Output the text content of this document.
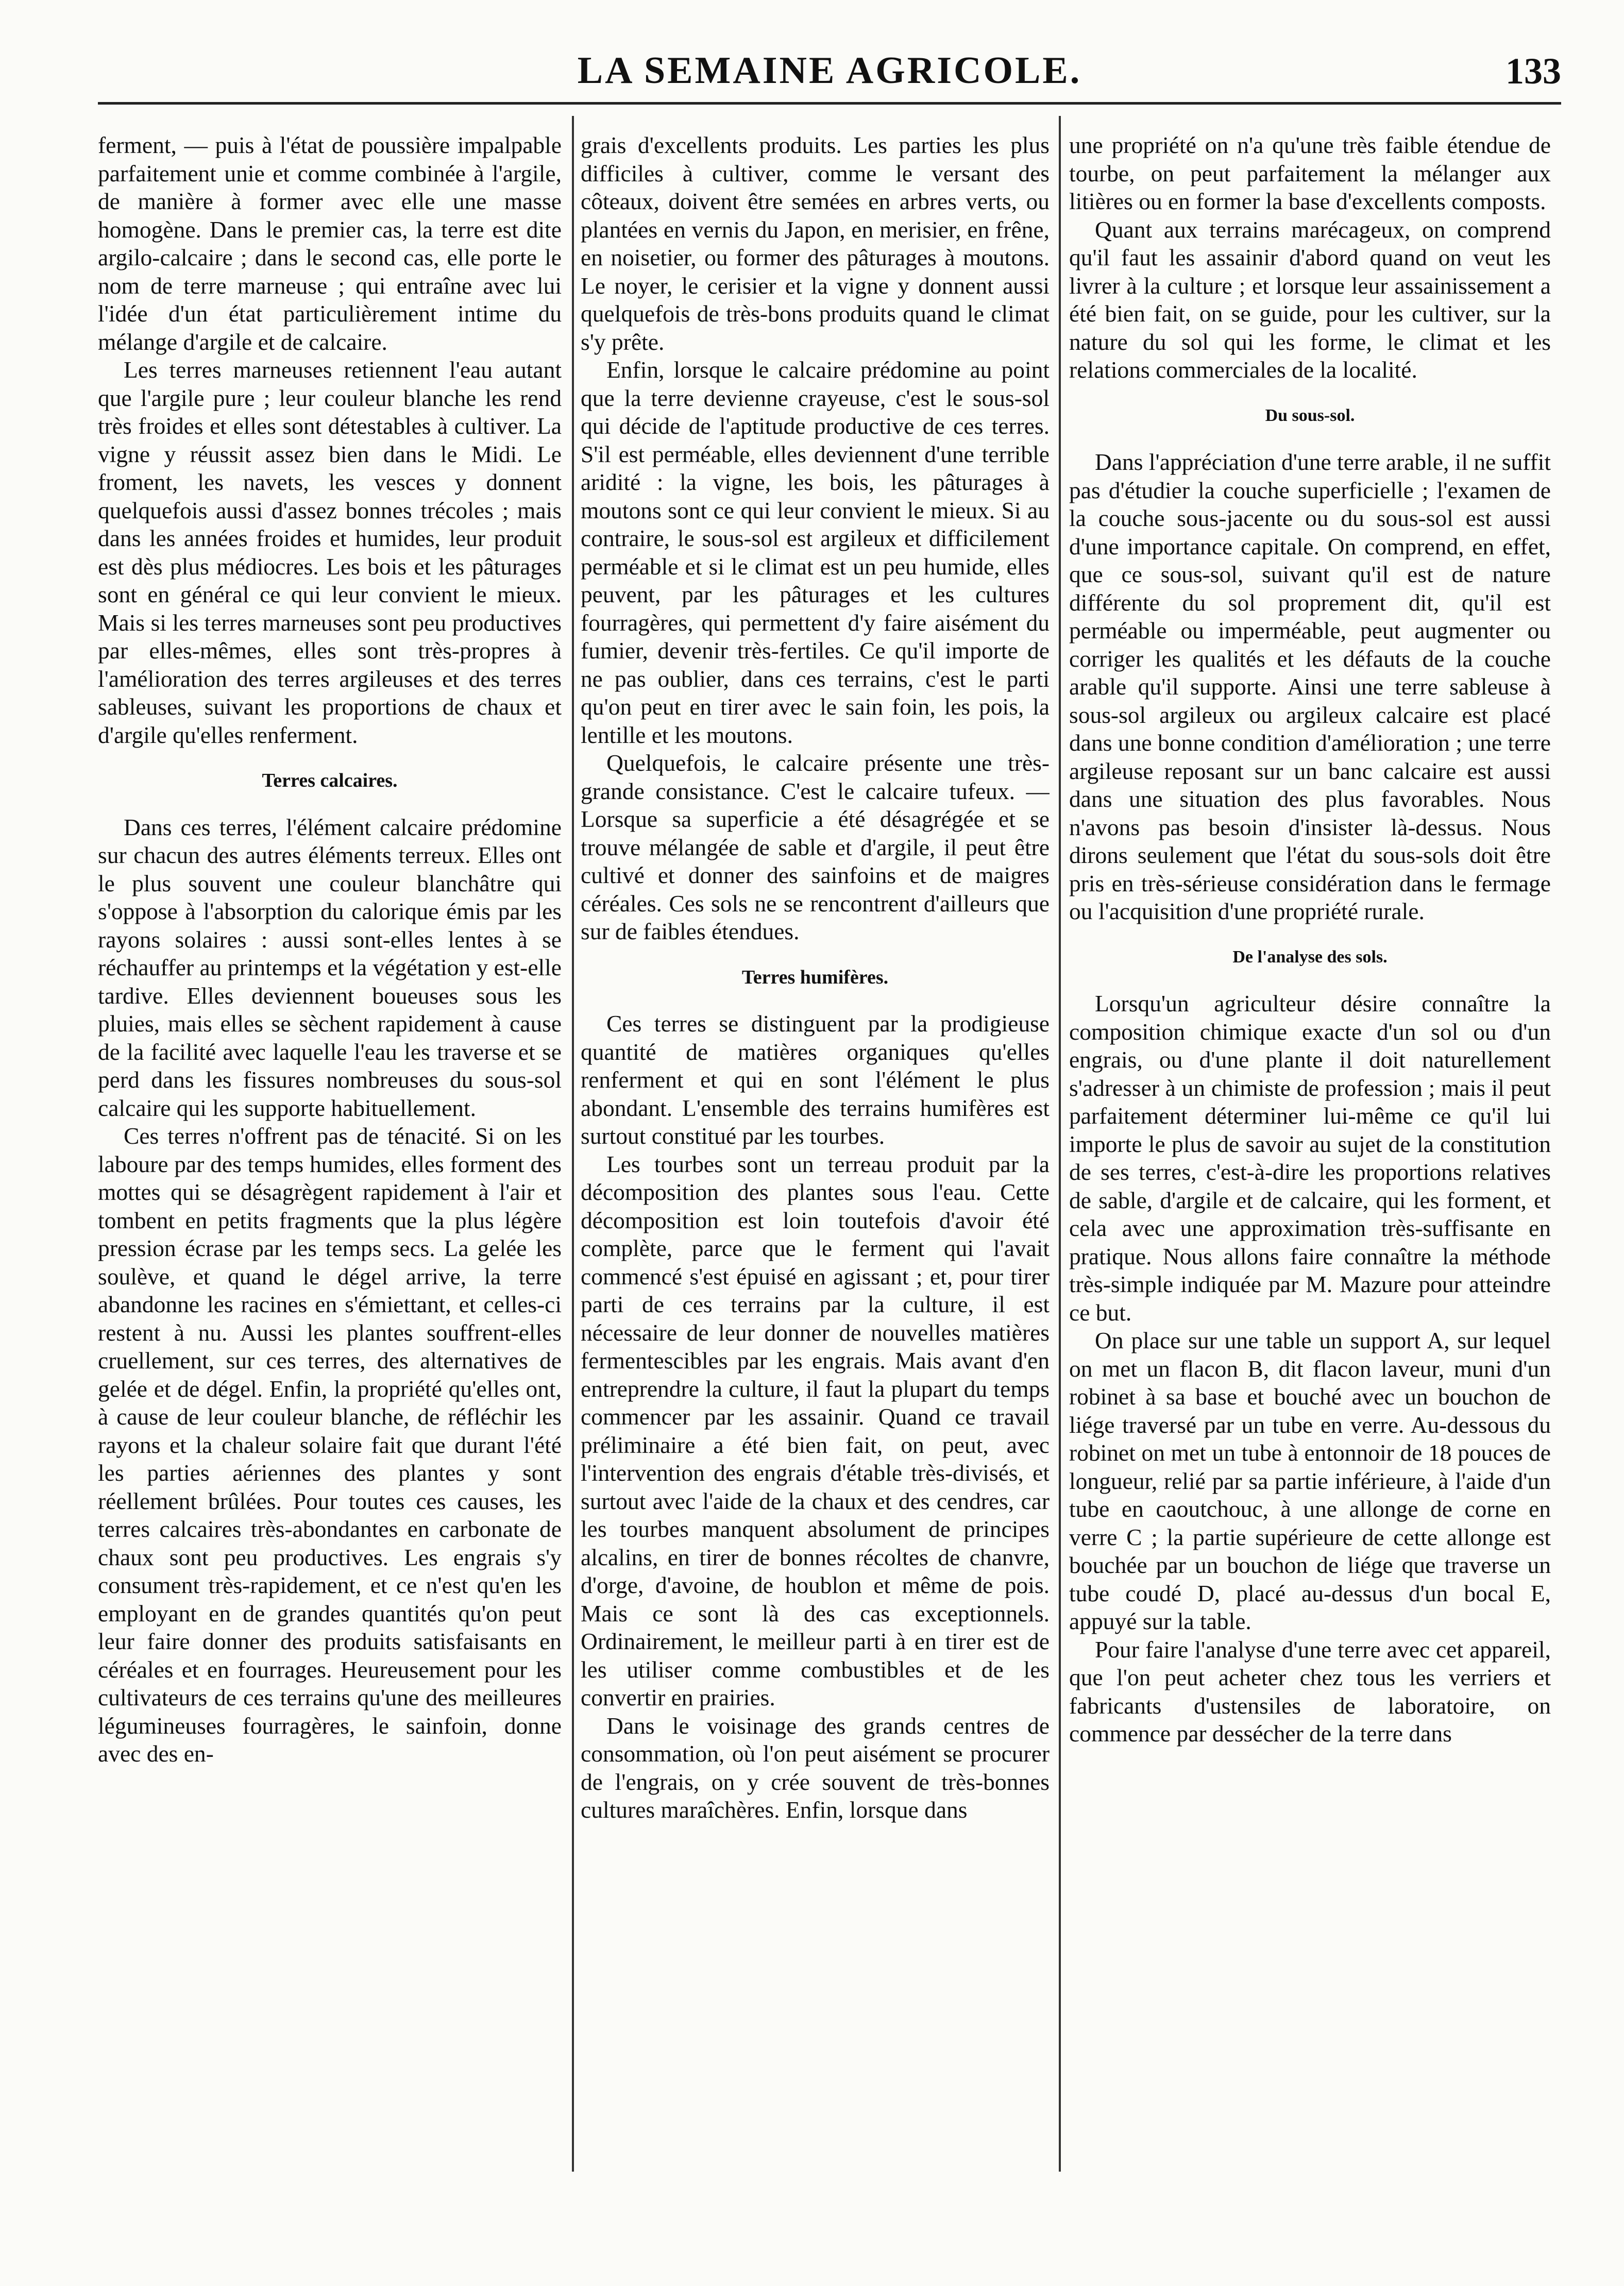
LA SEMAINE AGRICOLE.	133

ferment, — puis à l'état de poussière impalpable parfaitement unie et comme combinée à l'argile, de manière à former avec elle une masse homogène. Dans le premier cas, la terre est dite argilo-calcaire ; dans le second cas, elle porte le nom de terre marneuse ; qui entraîne avec lui l'idée d'un état particulièrement intime du mélange d'argile et de calcaire.

Les terres marneuses retiennent l'eau autant que l'argile pure ; leur couleur blanche les rend très froides et elles sont détestables à cultiver. La vigne y réussit assez bien dans le Midi. Le froment, les navets, les vesces y donnent quelquefois aussi d'assez bonnes trécoles ; mais dans les années froides et humides, leur produit est dès plus médiocres. Les bois et les pâturages sont en général ce qui leur convient le mieux. Mais si les terres marneuses sont peu productives par elles-mêmes, elles sont très-propres à l'amélioration des terres argileuses et des terres sableuses, suivant les proportions de chaux et d'argile qu'elles renferment.

Terres calcaires.

Dans ces terres, l'élément calcaire prédomine sur chacun des autres éléments terreux. Elles ont le plus souvent une couleur blanchâtre qui s'oppose à l'absorption du calorique émis par les rayons solaires : aussi sont-elles lentes à se réchauffer au printemps et la végétation y est-elle tardive. Elles deviennent boueuses sous les pluies, mais elles se sèchent rapidement à cause de la facilité avec laquelle l'eau les traverse et se perd dans les fissures nombreuses du sous-sol calcaire qui les supporte habituellement.

Ces terres n'offrent pas de ténacité. Si on les laboure par des temps humides, elles forment des mottes qui se désagrègent rapidement à l'air et tombent en petits fragments que la plus légère pression écrase par les temps secs. La gelée les soulève, et quand le dégel arrive, la terre abandonne les racines en s'émiettant, et celles-ci restent à nu. Aussi les plantes souffrent-elles cruellement, sur ces terres, des alternatives de gelée et de dégel. Enfin, la propriété qu'elles ont, à cause de leur couleur blanche, de réfléchir les rayons et la chaleur solaire fait que durant l'été les parties aériennes des plantes y sont réellement brûlées. Pour toutes ces causes, les terres calcaires très-abondantes en carbonate de chaux sont peu productives. Les engrais s'y consument très-rapidement, et ce n'est qu'en les employant en de grandes quantités qu'on peut leur faire donner des produits satisfaisants en céréales et en fourrages. Heureusement pour les cultivateurs de ces terrains qu'une des meilleures légumineuses fourragères, le sainfoin, donne avec des en-

grais d'excellents produits. Les parties les plus difficiles à cultiver, comme le versant des côteaux, doivent être semées en arbres verts, ou plantées en vernis du Japon, en merisier, en frêne, en noisetier, ou former des pâturages à moutons. Le noyer, le cerisier et la vigne y donnent aussi quelquefois de très-bons produits quand le climat s'y prête.

Enfin, lorsque le calcaire prédomine au point que la terre devienne crayeuse, c'est le sous-sol qui décide de l'aptitude productive de ces terres. S'il est perméable, elles deviennent d'une terrible aridité : la vigne, les bois, les pâturages à moutons sont ce qui leur convient le mieux. Si au contraire, le sous-sol est argileux et difficilement perméable et si le climat est un peu humide, elles peuvent, par les pâturages et les cultures fourragères, qui permettent d'y faire aisément du fumier, devenir très-fertiles. Ce qu'il importe de ne pas oublier, dans ces terrains, c'est le parti qu'on peut en tirer avec le sain foin, les pois, la lentille et les moutons.

Quelquefois, le calcaire présente une très-grande consistance. C'est le calcaire tufeux. — Lorsque sa superficie a été désagrégée et se trouve mélangée de sable et d'argile, il peut être cultivé et donner des sainfoins et de maigres céréales. Ces sols ne se rencontrent d'ailleurs que sur de faibles étendues.

Terres humifères.

Ces terres se distinguent par la prodigieuse quantité de matières organiques qu'elles renferment et qui en sont l'élément le plus abondant. L'ensemble des terrains humifères est surtout constitué par les tourbes.

Les tourbes sont un terreau produit par la décomposition des plantes sous l'eau. Cette décomposition est loin toutefois d'avoir été complète, parce que le ferment qui l'avait commencé s'est épuisé en agissant ; et, pour tirer parti de ces terrains par la culture, il est nécessaire de leur donner de nouvelles matières fermentescibles par les engrais. Mais avant d'en entreprendre la culture, il faut la plupart du temps commencer par les assainir. Quand ce travail préliminaire a été bien fait, on peut, avec l'intervention des engrais d'étable très-divisés, et surtout avec l'aide de la chaux et des cendres, car les tourbes manquent absolument de principes alcalins, en tirer de bonnes récoltes de chanvre, d'orge, d'avoine, de houblon et même de pois. Mais ce sont là des cas exceptionnels. Ordinairement, le meilleur parti à en tirer est de les utiliser comme combustibles et de les convertir en prairies.

Dans le voisinage des grands centres de consommation, où l'on peut aisément se procurer de l'engrais, on y crée souvent de très-bonnes cultures maraîchères. Enfin, lorsque dans

une propriété on n'a qu'une très faible étendue de tourbe, on peut parfaitement la mélanger aux litières ou en former la base d'excellents composts.

Quant aux terrains marécageux, on comprend qu'il faut les assainir d'abord quand on veut les livrer à la culture ; et lorsque leur assainissement a été bien fait, on se guide, pour les cultiver, sur la nature du sol qui les forme, le climat et les relations commerciales de la localité.

Du sous-sol.

Dans l'appréciation d'une terre arable, il ne suffit pas d'étudier la couche superficielle ; l'examen de la couche sous-jacente ou du sous-sol est aussi d'une importance capitale. On comprend, en effet, que ce sous-sol, suivant qu'il est de nature différente du sol proprement dit, qu'il est perméable ou imperméable, peut augmenter ou corriger les qualités et les défauts de la couche arable qu'il supporte. Ainsi une terre sableuse à sous-sol argileux ou argileux calcaire est placé dans une bonne condition d'amélioration ; une terre argileuse reposant sur un banc calcaire est aussi dans une situation des plus favorables. Nous n'avons pas besoin d'insister là-dessus. Nous dirons seulement que l'état du sous-sols doit être pris en très-sérieuse considération dans le fermage ou l'acquisition d'une propriété rurale.

De l'analyse des sols.

Lorsqu'un agriculteur désire connaître la composition chimique exacte d'un sol ou d'un engrais, ou d'une plante il doit naturellement s'adresser à un chimiste de profession ; mais il peut parfaitement déterminer lui-même ce qu'il lui importe le plus de savoir au sujet de la constitution de ses terres, c'est-à-dire les proportions relatives de sable, d'argile et de calcaire, qui les forment, et cela avec une approximation très-suffisante en pratique. Nous allons faire connaître la méthode très-simple indiquée par M. Mazure pour atteindre ce but.

On place sur une table un support A, sur lequel on met un flacon B, dit flacon laveur, muni d'un robinet à sa base et bouché avec un bouchon de liége traversé par un tube en verre. Au-dessous du robinet on met un tube à entonnoir de 18 pouces de longueur, relié par sa partie inférieure, à l'aide d'un tube en caoutchouc, à une allonge de corne en verre C ; la partie supérieure de cette allonge est bouchée par un bouchon de liége que traverse un tube coudé D, placé au-dessus d'un bocal E, appuyé sur la table.

Pour faire l'analyse d'une terre avec cet appareil, que l'on peut acheter chez tous les verriers et fabricants d'ustensiles de laboratoire, on commence par dessécher de la terre dans
